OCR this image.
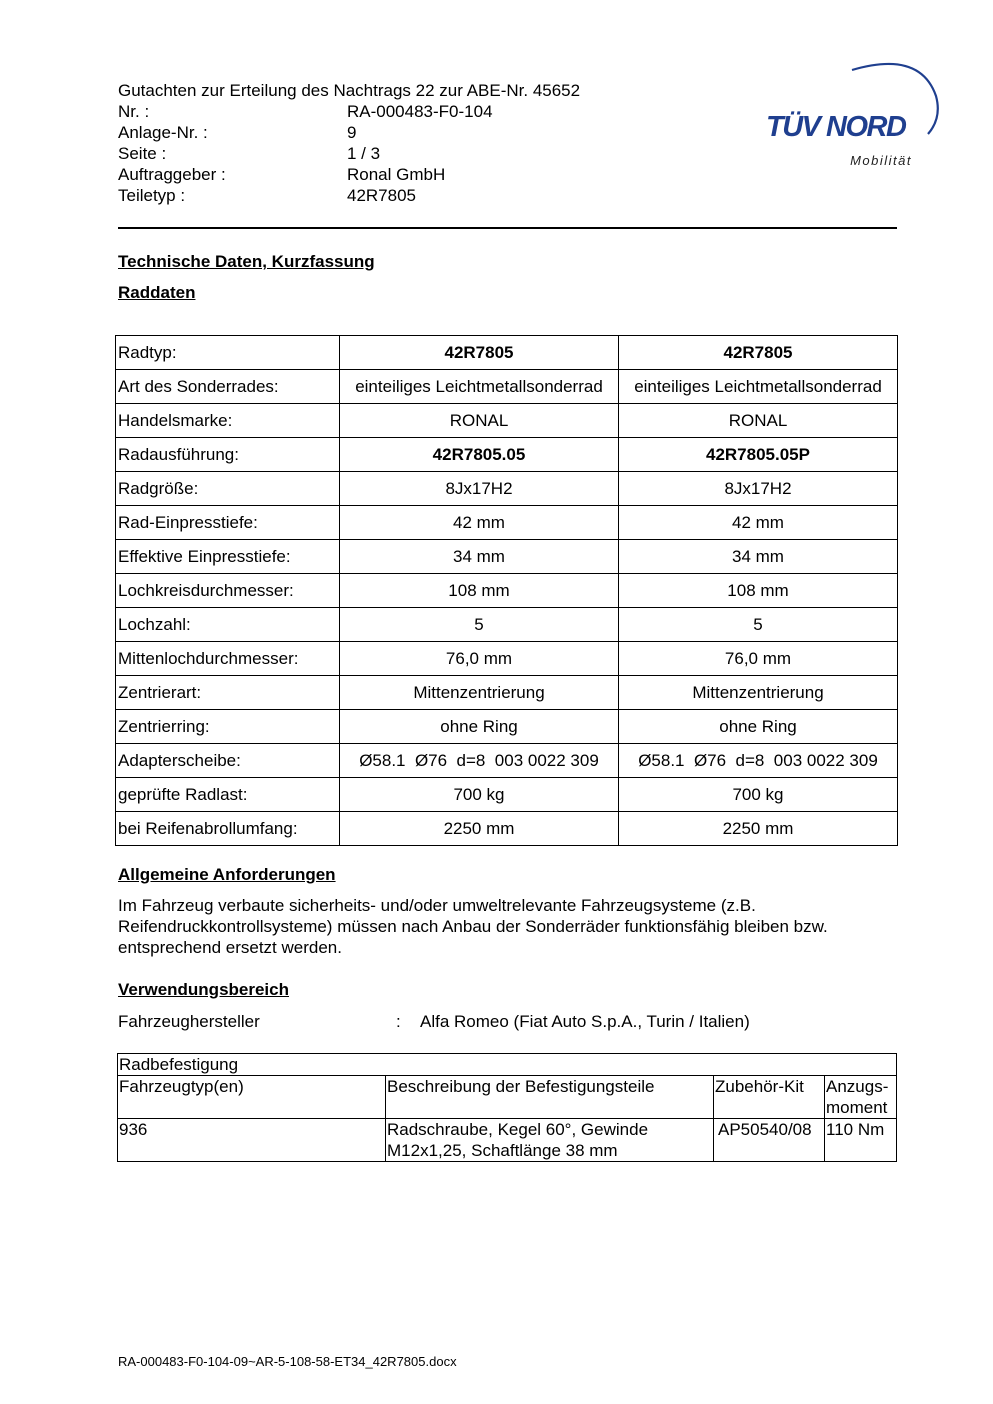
Gutachten zur Erteilung des Nachtrags 22 zur ABE-Nr. 45652
Nr. :	RA-000483-F0-104
Anlage-Nr. :	9
Seite :	1 / 3
Auftraggeber :	Ronal GmbH
Teiletyp :	42R7805
TÜV NORD
Mobilität
Technische Daten, Kurzfassung
Raddaten
Radtyp:	42R7805	42R7805
Art des Sonderrades:	einteiliges Leichtmetallsonderrad	einteiliges Leichtmetallsonderrad
Handelsmarke:	RONAL	RONAL
Radausführung:	42R7805.05	42R7805.05P
Radgröße:	8Jx17H2	8Jx17H2
Rad-Einpresstiefe:	42 mm	42 mm
Effektive Einpresstiefe:	34 mm	34 mm
Lochkreisdurchmesser:	108 mm	108 mm
Lochzahl:	5	5
Mittenlochdurchmesser:	76,0 mm	76,0 mm
Zentrierart:	Mittenzentrierung	Mittenzentrierung
Zentrierring:	ohne Ring	ohne Ring
Adapterscheibe:	Ø58.1  Ø76  d=8  003 0022 309	Ø58.1  Ø76  d=8  003 0022 309
geprüfte Radlast:	700 kg	700 kg
bei Reifenabrollumfang:	2250 mm	2250 mm
Allgemeine Anforderungen
Im Fahrzeug verbaute sicherheits- und/oder umweltrelevante Fahrzeugsysteme (z.B. Reifendruckkontrollsysteme) müssen nach Anbau der Sonderräder funktionsfähig bleiben bzw. entsprechend ersetzt werden.
Verwendungsbereich
Fahrzeughersteller	:	Alfa Romeo (Fiat Auto S.p.A., Turin / Italien)
Radbefestigung			
Fahrzeugtyp(en)	Beschreibung der Befestigungsteile	Zubehör-Kit	Anzugs-moment
936	Radschraube, Kegel 60°, Gewinde M12x1,25, Schaftlänge 38 mm	AP50540/08	110 Nm
RA-000483-F0-104-09~AR-5-108-58-ET34_42R7805.docx
